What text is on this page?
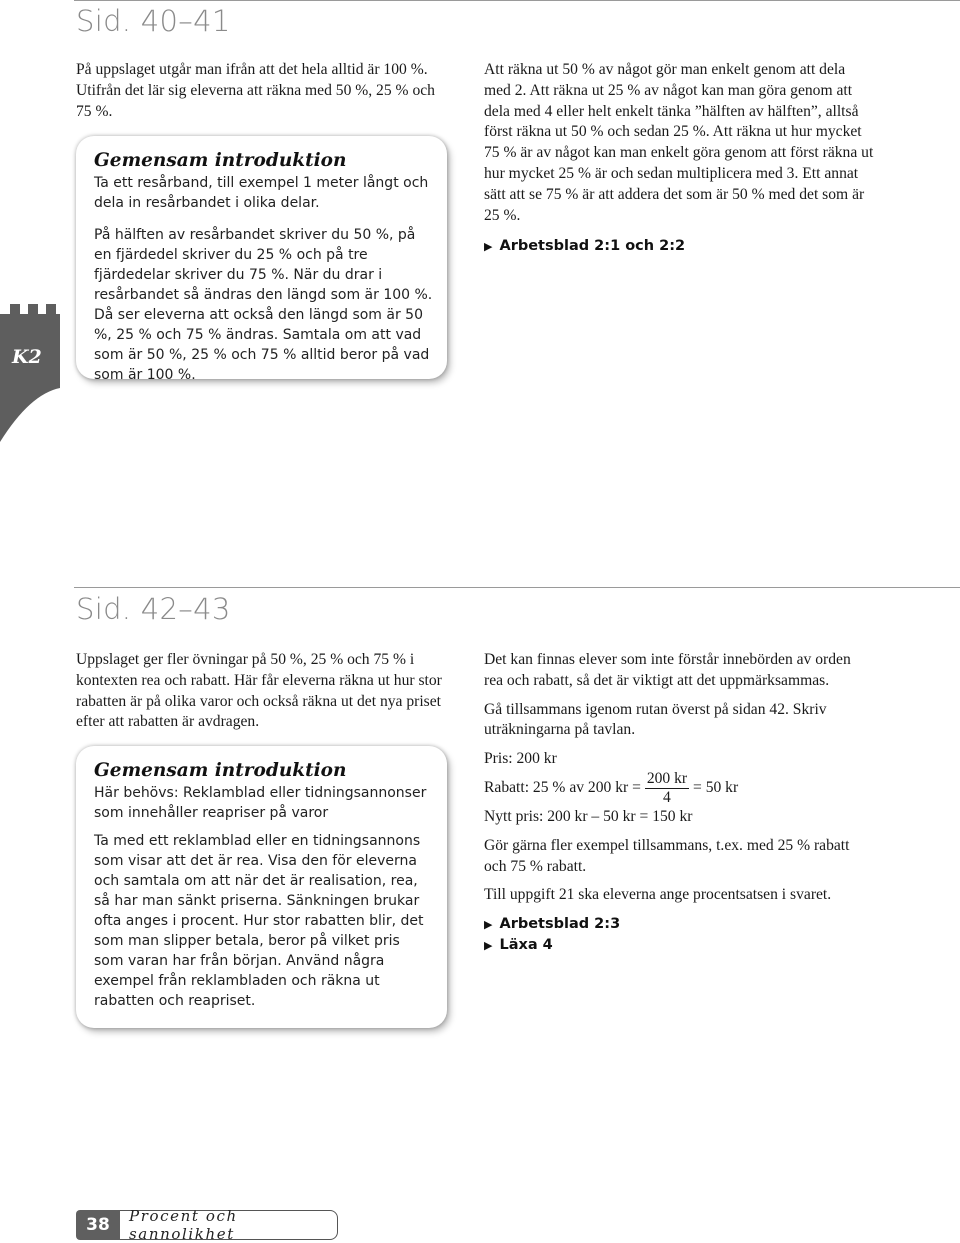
K2
Sid. 40–41

På uppslaget utgår man ifrån att det hela alltid är 100 %. Utifrån det lär sig eleverna att räkna med 50 %, 25 % och 75 %.

Gemensam introduktion

Ta ett resårband, till exempel 1 meter långt och dela in resårbandet i olika delar.

På hälften av resårbandet skriver du 50 %, på en fjärdedel skriver du 25 % och på tre fjärdedelar skriver du 75 %. När du drar i resårbandet så ändras den längd som är 100 %. Då ser eleverna att också den längd som är 50 %, 25 % och 75 % ändras. Samtala om att vad som är 50 %, 25 % och 75 % alltid beror på vad som är 100 %.

Att räkna ut 50 % av något gör man enkelt genom att dela med 2. Att räkna ut 25 % av något kan man göra genom att dela med 4 eller helt enkelt tänka ”hälften av hälften”, alltså först räkna ut 50 % och sedan 25 %. Att räkna ut hur mycket 75 % är av något kan man enkelt göra genom att först räkna ut hur mycket 25 % är och sedan multiplicera med 3. Ett annat sätt att se 75 % är att addera det som är 50 % med det som är 25 %.

▶ Arbetsblad 2:1 och 2:2
Sid. 42–43

Uppslaget ger fler övningar på 50 %, 25 % och 75 % i kontexten rea och rabatt. Här får eleverna räkna ut hur stor rabatten är på olika varor och också räkna ut det nya priset efter att rabatten är avdragen.

Gemensam introduktion

Här behövs: Reklamblad eller tidningsannonser som innehåller reapriser på varor

Ta med ett reklamblad eller en tidningsannons som visar att det är rea. Visa den för eleverna och samtala om att när det är realisation, rea, så har man sänkt priserna. Sänkningen brukar ofta anges i procent. Hur stor rabatten blir, det som man slipper betala, beror på vilket pris som varan har från början. Använd några exempel från reklambladen och räkna ut rabatten och reapriset.

Det kan finnas elever som inte förstår innebörden av orden rea och rabatt, så det är viktigt att det uppmärksammas.

Gå tillsammans igenom rutan överst på sidan 42. Skriv uträkningarna på tavlan.

Pris: 200 kr
Rabatt: 25 % av 200 kr = $\frac{200 kr}{4} = 50$ kr
Nytt pris: 200 kr – 50 kr = 150 kr

Gör gärna fler exempel tillsammans, t.ex. med 25 % rabatt och 75 % rabatt.

Till uppgift 21 ska eleverna ange procentsatsen i svaret.

▶ Arbetsblad 2:3
▶ Läxa 4
Procent och sannolikhet
38
